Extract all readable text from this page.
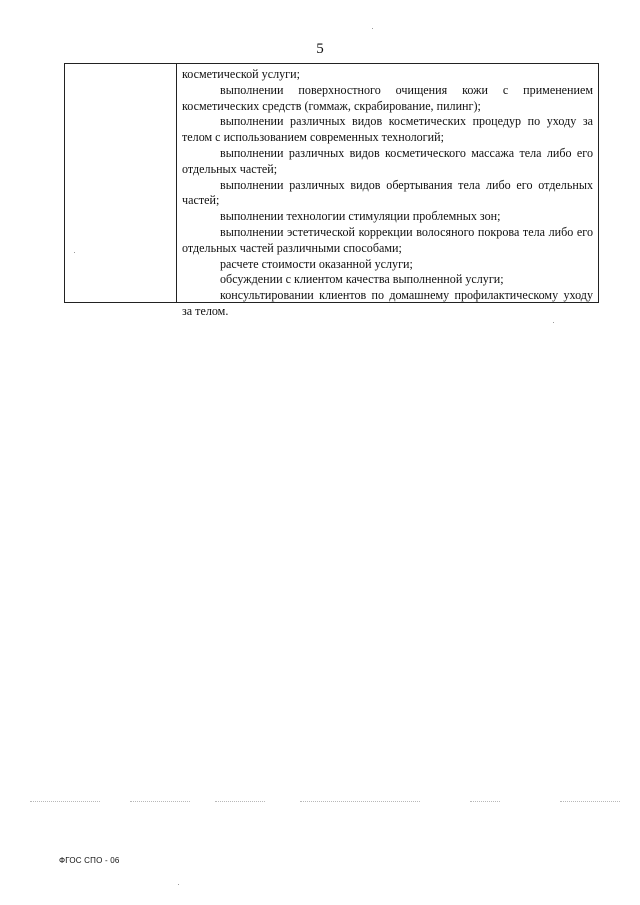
5

косметической услуги;

выполнении поверхностного очищения кожи с применением косметических средств (гоммаж, скрабирование, пилинг);

выполнении различных видов косметических процедур по уходу за телом с использованием современных технологий;

выполнении различных видов косметического массажа тела либо его отдельных частей;

выполнении различных видов обертывания тела либо его отдельных частей;

выполнении технологии стимуляции проблемных зон;

выполнении эстетической коррекции волосяного покрова тела либо его отдельных частей различными способами;

расчете стоимости оказанной услуги;

обсуждении с клиентом качества выполненной услуги;

консультировании клиентов по домашнему профилактическому уходу за телом.

ФГОС СПО - 06
